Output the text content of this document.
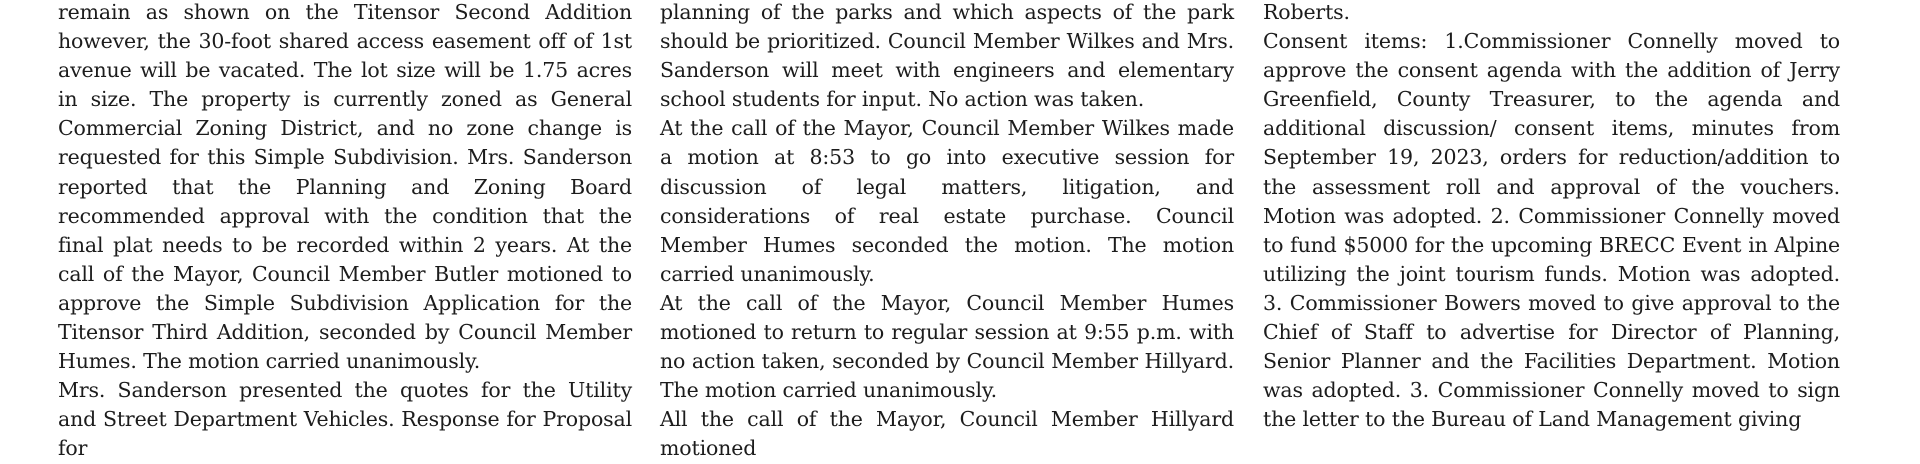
remain as shown on the Titensor Second Addition however, the 30-foot shared access easement off of 1st avenue will be vacated. The lot size will be 1.75 acres in size. The property is currently zoned as General Commercial Zoning District, and no zone change is requested for this Simple Subdivision. Mrs. Sanderson reported that the Planning and Zoning Board recommended approval with the condition that the final plat needs to be recorded within 2 years. At the call of the Mayor, Council Member Butler motioned to approve the Simple Subdivision Application for the Titensor Third Addition, seconded by Council Member Humes. The motion carried unanimously.

Mrs. Sanderson presented the quotes for the Utility and Street Department Vehicles. Response for Proposal for

planning of the parks and which aspects of the park should be prioritized. Council Member Wilkes and Mrs. Sanderson will meet with engineers and elementary school students for input. No action was taken.

At the call of the Mayor, Council Member Wilkes made a motion at 8:53 to go into executive session for discussion of legal matters, litigation, and considerations of real estate purchase. Council Member Humes seconded the motion. The motion carried unanimously.

At the call of the Mayor, Council Member Humes motioned to return to regular session at 9:55 p.m. with no action taken, seconded by Council Member Hillyard. The motion carried unanimously.

All the call of the Mayor, Council Member Hillyard motioned

Roberts.

Consent items: 1.Commissioner Connelly moved to approve the consent agenda with the addition of Jerry Greenfield, County Treasurer, to the agenda and additional discussion/ consent items, minutes from September 19, 2023, orders for reduction/addition to the assessment roll and approval of the vouchers. Motion was adopted. 2. Commissioner Connelly moved to fund $5000 for the upcoming BRECC Event in Alpine utilizing the joint tourism funds. Motion was adopted. 3. Commissioner Bowers moved to give approval to the Chief of Staff to advertise for Director of Planning, Senior Planner and the Facilities Department. Motion was adopted. 3. Commissioner Connelly moved to sign the letter to the Bureau of Land Management giving
